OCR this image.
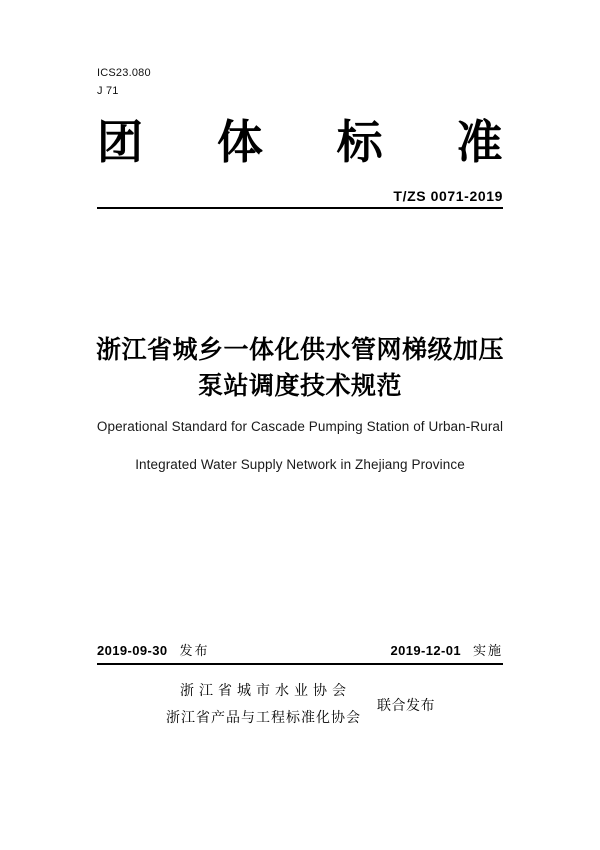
ICS23.080
J 71
团 体 标 准
T/ZS 0071-2019
浙江省城乡一体化供水管网梯级加压
泵站调度技术规范
Operational Standard for Cascade Pumping Station of Urban-Rural
Integrated Water Supply Network in Zhejiang Province
2019-09-30 发布	2019-12-01 实施
浙江省城市水业协会
浙江省产品与工程标准化协会
联合发布
